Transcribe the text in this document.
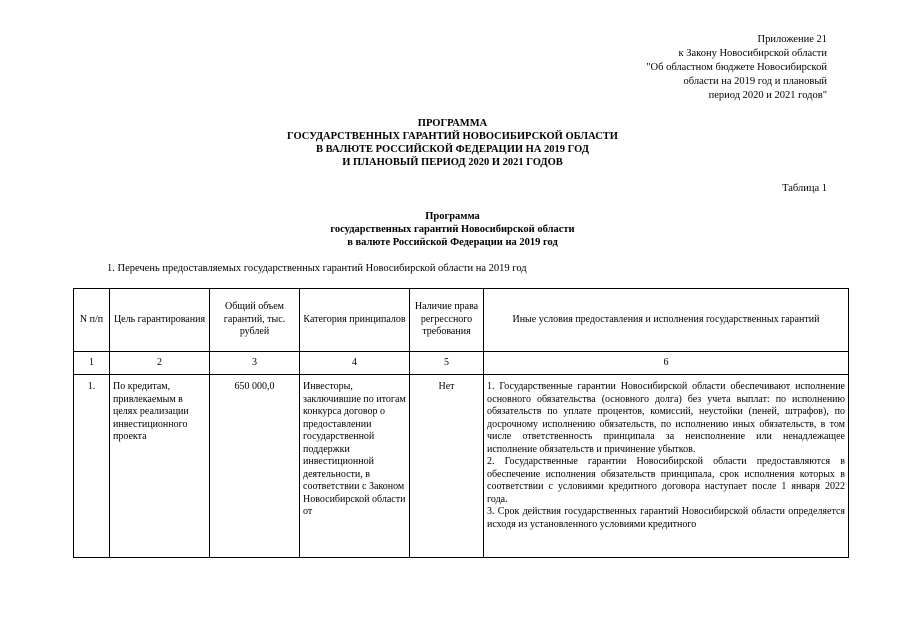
Приложение 21
к Закону Новосибирской области
"Об областном бюджете Новосибирской
области на 2019 год и плановый
период 2020 и 2021 годов"
ПРОГРАММА
ГОСУДАРСТВЕННЫХ ГАРАНТИЙ НОВОСИБИРСКОЙ ОБЛАСТИ
В ВАЛЮТЕ РОССИЙСКОЙ ФЕДЕРАЦИИ НА 2019 ГОД
И ПЛАНОВЫЙ ПЕРИОД 2020 И 2021 ГОДОВ
Таблица 1
Программа
государственных гарантий Новосибирской области
в валюте Российской Федерации на 2019 год
1. Перечень предоставляемых государственных гарантий Новосибирской области на 2019 год
N п/п	Цель гарантирования	Общий объем гарантий, тыс. рублей	Категория принципалов	Наличие права регрессного требования	Иные условия предоставления и исполнения государственных гарантий
1	2	3	4	5	6
1.	По кредитам, привлекаемым в целях реализации инвестиционного проекта	650 000,0	Инвесторы, заключившие по итогам конкурса договор о предоставлении государственной поддержки инвестиционной деятельности, в соответствии с Законом Новосибирской области от	Нет	1. Государственные гарантии Новосибирской области обеспечивают исполнение основного обязательства (основного долга) без учета выплат: по исполнению обязательств по уплате процентов, комиссий, неустойки (пеней, штрафов), по досрочному исполнению обязательств, по исполнению иных обязательств, в том числе ответственность принципала за неисполнение или ненадлежащее исполнение обязательств и причинение убытков.
2. Государственные гарантии Новосибирской области предоставляются в обеспечение исполнения обязательств принципала, срок исполнения которых в соответствии с условиями кредитного договора наступает после 1 января 2022 года.
3. Срок действия государственных гарантий Новосибирской области определяется исходя из установленного условиями кредитного
